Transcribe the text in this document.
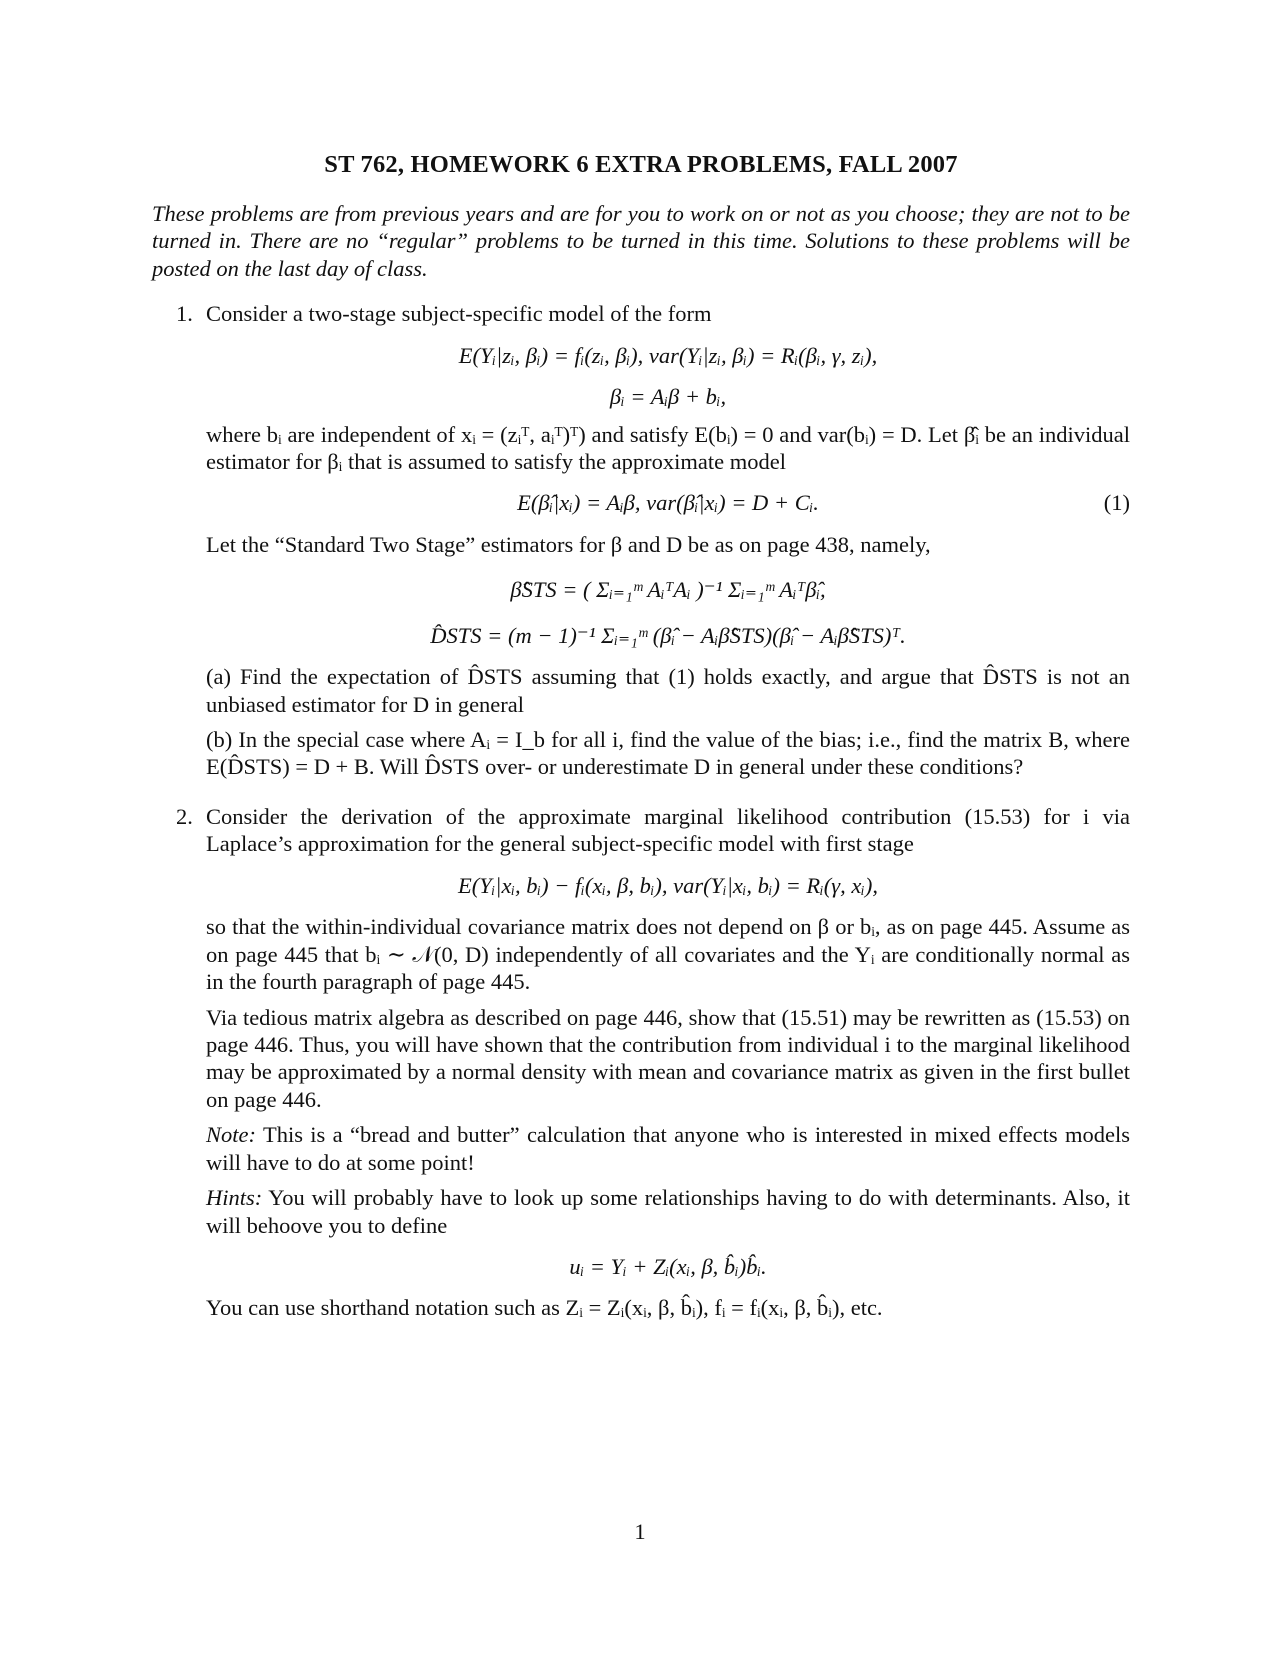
ST 762, HOMEWORK 6 EXTRA PROBLEMS, FALL 2007

These problems are from previous years and are for you to work on or not as you choose; they are not to be turned in. There are no “regular” problems to be turned in this time. Solutions to these problems will be posted on the last day of class.

1. Consider a two-stage subject-specific model of the form

E(Yᵢ|zᵢ, βᵢ) = fᵢ(zᵢ, βᵢ), var(Yᵢ|zᵢ, βᵢ) = Rᵢ(βᵢ, γ, zᵢ),
βᵢ = Aᵢβ + bᵢ,

where bᵢ are independent of xᵢ = (zᵢᵀ, aᵢᵀ)ᵀ) and satisfy E(bᵢ) = 0 and var(bᵢ) = D. Let β̂ᵢ be an individual estimator for βᵢ that is assumed to satisfy the approximate model

E(β̂ᵢ|xᵢ) = Aᵢβ, var(β̂ᵢ|xᵢ) = D + Cᵢ.	(1)

Let the “Standard Two Stage” estimators for β and D be as on page 438, namely,

β̂STS = ( Σᵢ₌₁ᵐ AᵢᵀAᵢ )⁻¹ Σᵢ₌₁ᵐ Aᵢᵀβ̂ᵢ,
D̂STS = (m − 1)⁻¹ Σᵢ₌₁ᵐ (β̂ᵢ − Aᵢβ̂STS)(β̂ᵢ − Aᵢβ̂STS)ᵀ.

(a) Find the expectation of D̂STS assuming that (1) holds exactly, and argue that D̂STS is not an unbiased estimator for D in general

(b) In the special case where Aᵢ = I_b for all i, find the value of the bias; i.e., find the matrix B, where E(D̂STS) = D + B. Will D̂STS over- or underestimate D in general under these conditions?

2. Consider the derivation of the approximate marginal likelihood contribution (15.53) for i via Laplace’s approximation for the general subject-specific model with first stage

E(Yᵢ|xᵢ, bᵢ) − fᵢ(xᵢ, β, bᵢ), var(Yᵢ|xᵢ, bᵢ) = Rᵢ(γ, xᵢ),

so that the within-individual covariance matrix does not depend on β or bᵢ, as on page 445. Assume as on page 445 that bᵢ ∼ 𝒩(0, D) independently of all covariates and the Yᵢ are conditionally normal as in the fourth paragraph of page 445.

Via tedious matrix algebra as described on page 446, show that (15.51) may be rewritten as (15.53) on page 446. Thus, you will have shown that the contribution from individual i to the marginal likelihood may be approximated by a normal density with mean and covariance matrix as given in the first bullet on page 446.

Note: This is a “bread and butter” calculation that anyone who is interested in mixed effects models will have to do at some point!

Hints: You will probably have to look up some relationships having to do with determinants. Also, it will behoove you to define

uᵢ = Yᵢ + Zᵢ(xᵢ, β, b̂ᵢ)b̂ᵢ.

You can use shorthand notation such as Zᵢ = Zᵢ(xᵢ, β, b̂ᵢ), fᵢ = fᵢ(xᵢ, β, b̂ᵢ), etc.

1
